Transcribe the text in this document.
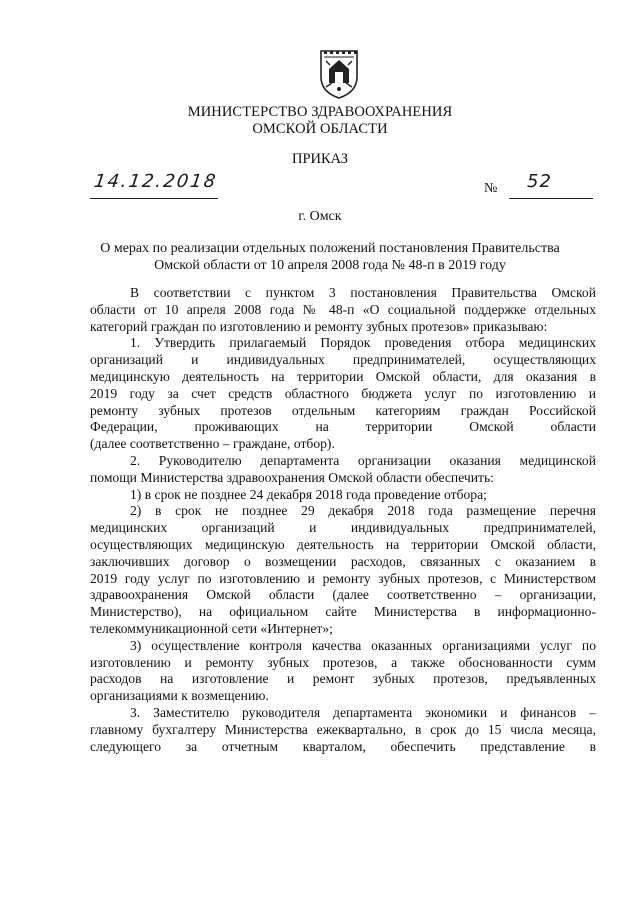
МИНИСТЕРСТВО ЗДРАВООХРАНЕНИЯ
ОМСКОЙ ОБЛАСТИ
ПРИКАЗ
14.12.2018	№ 52
г. Омск
О мерах по реализации отдельных положений постановления Правительства
Омской области от 10 апреля 2008 года № 48-п в 2019 году
В соответствии с пунктом 3 постановления Правительства Омской
области от 10 апреля 2008 года № 48-п «О социальной поддержке отдельных
категорий граждан по изготовлению и ремонту зубных протезов» приказываю:
1. Утвердить прилагаемый Порядок проведения отбора медицинских
организаций и индивидуальных предпринимателей, осуществляющих
медицинскую деятельность на территории Омской области, для оказания в
2019 году за счет средств областного бюджета услуг по изготовлению и
ремонту зубных протезов отдельным категориям граждан Российской
Федерации, проживающих на территории Омской области
(далее соответственно – граждане, отбор).
2. Руководителю департамента организации оказания медицинской
помощи Министерства здравоохранения Омской области обеспечить:
1) в срок не позднее 24 декабря 2018 года проведение отбора;
2) в срок не позднее 29 декабря 2018 года размещение перечня
медицинских организаций и индивидуальных предпринимателей,
осуществляющих медицинскую деятельность на территории Омской области,
заключивших договор о возмещении расходов, связанных с оказанием в
2019 году услуг по изготовлению и ремонту зубных протезов, с Министерством
здравоохранения Омской области (далее соответственно – организации,
Министерство), на официальном сайте Министерства в информационно-
телекоммуникационной сети «Интернет»;
3) осуществление контроля качества оказанных организациями услуг по
изготовлению и ремонту зубных протезов, а также обоснованности сумм
расходов на изготовление и ремонт зубных протезов, предъявленных
организациями к возмещению.
3. Заместителю руководителя департамента экономики и финансов –
главному бухгалтеру Министерства ежеквартально, в срок до 15 числа месяца,
следующего за отчетным кварталом, обеспечить представление в
